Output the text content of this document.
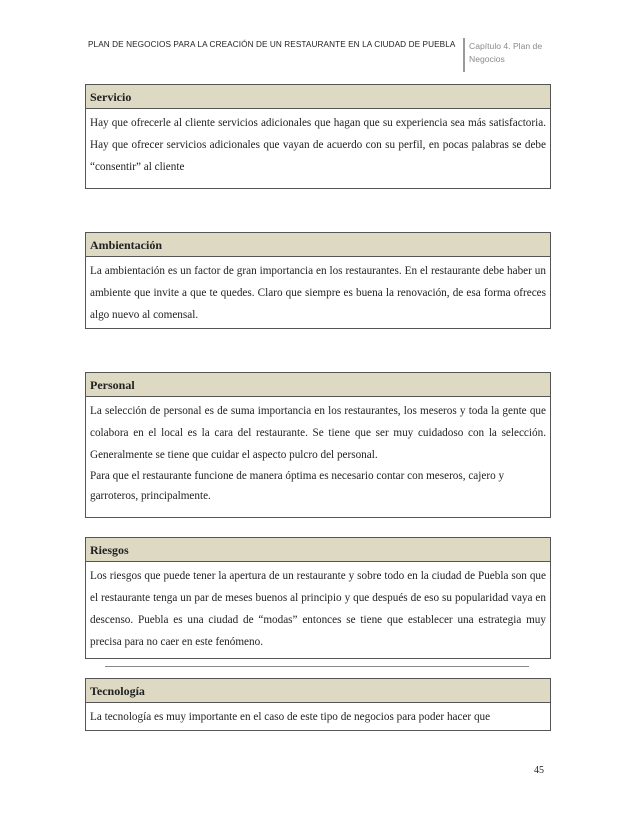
PLAN DE NEGOCIOS PARA LA CREACIÓN DE UN RESTAURANTE EN LA CIUDAD DE PUEBLA	Capítulo 4. Plan de
Negocios
Servicio

Hay que ofrecerle al cliente servicios adicionales que hagan que su experiencia sea más satisfactoria. Hay que ofrecer servicios adicionales que vayan de acuerdo con su perfil, en pocas palabras se debe “consentir” al cliente

Ambientación

La ambientación es un factor de gran importancia en los restaurantes. En el restaurante debe haber un ambiente que invite a que te quedes. Claro que siempre es buena la renovación, de esa forma ofreces algo nuevo al comensal.

Personal

La selección de personal es de suma importancia en los restaurantes, los meseros y toda la gente que colabora en el local es la cara del restaurante. Se tiene que ser muy cuidadoso con la selección. Generalmente se tiene que cuidar el aspecto pulcro del personal.

Para que el restaurante funcione de manera óptima es necesario contar con meseros, cajero y garroteros, principalmente.

Riesgos

Los riesgos que puede tener la apertura de un restaurante y sobre todo en la ciudad de Puebla son que el restaurante tenga un par de meses buenos al principio y que después de eso su popularidad vaya en descenso. Puebla es una ciudad de “modas” entonces se tiene que establecer una estrategia muy precisa para no caer en este fenómeno.

Tecnología

La tecnología es muy importante en el caso de este tipo de negocios para poder hacer que

45
